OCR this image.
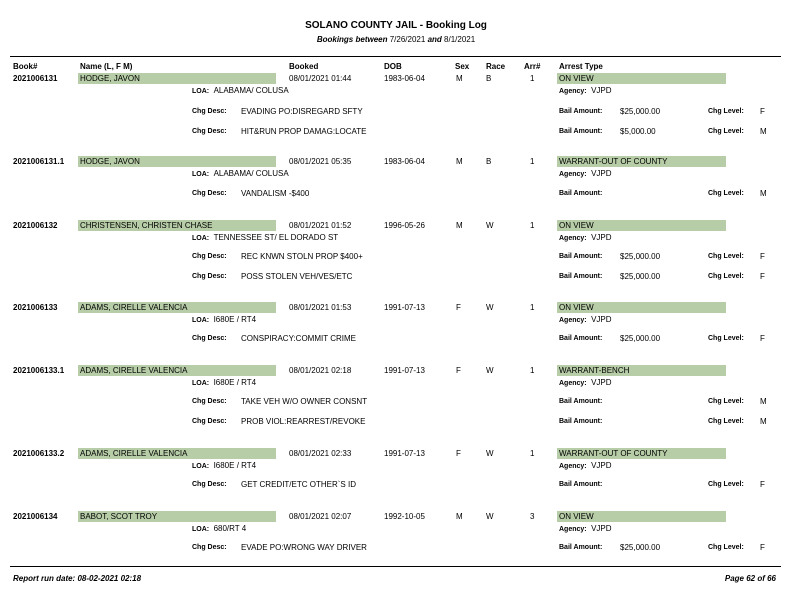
SOLANO COUNTY JAIL - Booking Log
Bookings between 7/26/2021 and 8/1/2021
Book#	Name (L, F M)	Booked	DOB	Sex Race Arr# Arrest Type
2021006131	HODGE, JAVON	08/01/2021 01:44	1983-06-04	M	B	1	ON VIEW
LOA: ALABAMA/ COLUSA	Agency: VJPD
Chg Desc: EVADING PO:DISREGARD SFTY	Bail Amount: $25,000.00	Chg Level: F
Chg Desc: HIT&RUN PROP DAMAG:LOCATE	Bail Amount: $5,000.00	Chg Level: M
2021006131.1 HODGE, JAVON	08/01/2021 05:35	1983-06-04	M	B	1	WARRANT-OUT OF COUNTY
LOA: ALABAMA/ COLUSA	Agency: VJPD
Chg Desc: VANDALISM -$400	Bail Amount:	Chg Level: M
2021006132	CHRISTENSEN, CHRISTEN CHASE	08/01/2021 01:52	1996-05-26	M	W	1	ON VIEW
LOA: TENNESSEE ST/ EL DORADO ST	Agency: VJPD
Chg Desc: REC KNWN STOLN PROP $400+	Bail Amount: $25,000.00	Chg Level: F
Chg Desc: POSS STOLEN VEH/VES/ETC	Bail Amount: $25,000.00	Chg Level: F
2021006133	ADAMS, CIRELLE VALENCIA	08/01/2021 01:53	1991-07-13	F	W	1	ON VIEW
LOA: I680E / RT4	Agency: VJPD
Chg Desc: CONSPIRACY:COMMIT CRIME	Bail Amount: $25,000.00	Chg Level: F
2021006133.1 ADAMS, CIRELLE VALENCIA	08/01/2021 02:18	1991-07-13	F	W	1	WARRANT-BENCH
LOA: I680E / RT4	Agency: VJPD
Chg Desc: TAKE VEH W/O OWNER CONSNT	Bail Amount:	Chg Level: M
Chg Desc: PROB VIOL:REARREST/REVOKE	Bail Amount:	Chg Level: M
2021006133.2 ADAMS, CIRELLE VALENCIA	08/01/2021 02:33	1991-07-13	F	W	1	WARRANT-OUT OF COUNTY
LOA: I680E / RT4	Agency: VJPD
Chg Desc: GET CREDIT/ETC OTHER`S ID	Bail Amount:	Chg Level: F
2021006134	BABOT, SCOT TROY	08/01/2021 02:07	1992-10-05	M	W	3	ON VIEW
LOA: 680/RT 4	Agency: VJPD
Chg Desc: EVADE PO:WRONG WAY DRIVER	Bail Amount: $25,000.00	Chg Level: F
Report run date: 08-02-2021 02:18	Page 62 of 66
